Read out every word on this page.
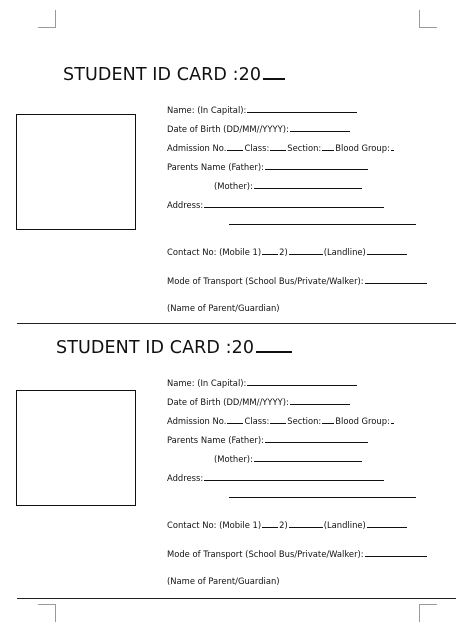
STUDENT ID CARD :20
Name: (In Capital):
Date of Birth (DD/MM//YYYY):
Admission No. Class: Section: Blood Group:
Parents Name (Father):
(Mother):
Address:
Contact No: (Mobile 1) 2)	(Landline)
Mode of Transport (School Bus/Private/Walker):
(Name of Parent/Guardian)
STUDENT ID CARD :20
Name: (In Capital):
Date of Birth (DD/MM//YYYY):
Admission No. Class: Section: Blood Group:
Parents Name (Father):
(Mother):
Address:
Contact No: (Mobile 1) 2)	(Landline)
Mode of Transport (School Bus/Private/Walker):
(Name of Parent/Guardian)
